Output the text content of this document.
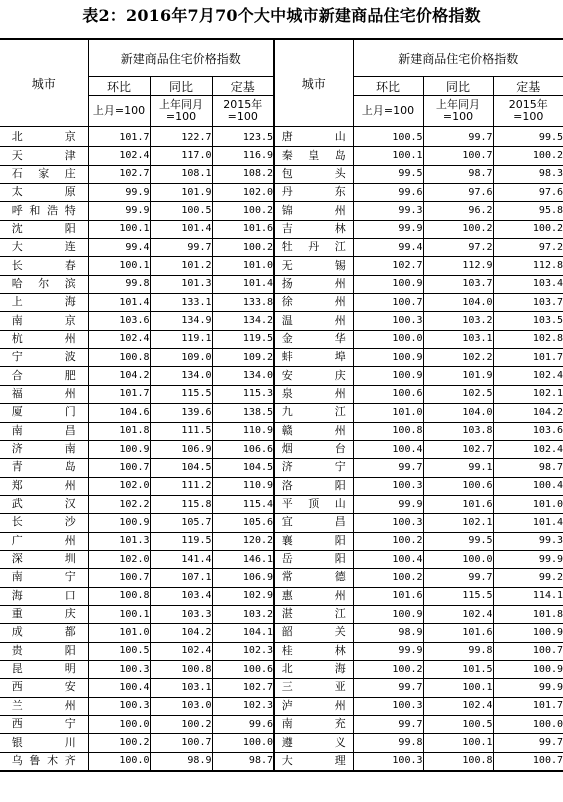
表2：2016年7月70个大中城市新建商品住宅价格指数
城市	新建商品住宅价格指数			城市	新建商品住宅价格指数		
	环比	同比	定基		环比	同比	定基
	上月=100	上年同月=100	2015年=100		上月=100	上年同月=100	2015年=100
北京	101.7	122.7	123.5	唐山	100.5	99.7	99.5
天津	102.4	117.0	116.9	秦皇岛	100.1	100.7	100.2
石家庄	102.7	108.1	108.2	包头	99.5	98.7	98.3
太原	99.9	101.9	102.0	丹东	99.6	97.6	97.6
呼和浩特	99.9	100.5	100.2	锦州	99.3	96.2	95.8
沈阳	100.1	101.4	101.6	吉林	99.9	100.2	100.2
大连	99.4	99.7	100.2	牡丹江	99.4	97.2	97.2
长春	100.1	101.2	101.0	无锡	102.7	112.9	112.8
哈尔滨	99.8	101.3	101.4	扬州	100.9	103.7	103.4
上海	101.4	133.1	133.8	徐州	100.7	104.0	103.7
南京	103.6	134.9	134.2	温州	100.3	103.2	103.5
杭州	102.4	119.1	119.5	金华	100.0	103.1	102.8
宁波	100.8	109.0	109.2	蚌埠	100.9	102.2	101.7
合肥	104.2	134.0	134.0	安庆	100.9	101.9	102.4
福州	101.7	115.5	115.3	泉州	100.6	102.5	102.1
厦门	104.6	139.6	138.5	九江	101.0	104.0	104.2
南昌	101.8	111.5	110.9	赣州	100.8	103.8	103.6
济南	100.9	106.9	106.6	烟台	100.4	102.7	102.4
青岛	100.7	104.5	104.5	济宁	99.7	99.1	98.7
郑州	102.0	111.2	110.9	洛阳	100.3	100.6	100.4
武汉	102.2	115.8	115.4	平顶山	99.9	101.6	101.0
长沙	100.9	105.7	105.6	宜昌	100.3	102.1	101.4
广州	101.3	119.5	120.2	襄阳	100.2	99.5	99.3
深圳	102.0	141.4	146.1	岳阳	100.4	100.0	99.9
南宁	100.7	107.1	106.9	常德	100.2	99.7	99.2
海口	100.8	103.4	102.9	惠州	101.6	115.5	114.1
重庆	100.1	103.3	103.2	湛江	100.9	102.4	101.8
成都	101.0	104.2	104.1	韶关	98.9	101.6	100.9
贵阳	100.5	102.4	102.3	桂林	99.9	99.8	100.7
昆明	100.3	100.8	100.6	北海	100.2	101.5	100.9
西安	100.4	103.1	102.7	三亚	99.7	100.1	99.9
兰州	100.3	103.0	102.3	泸州	100.3	102.4	101.7
西宁	100.0	100.2	99.6	南充	99.7	100.5	100.0
银川	100.2	100.7	100.0	遵义	99.8	100.1	99.7
乌鲁木齐	100.0	98.9	98.7	大理	100.3	100.8	100.7
